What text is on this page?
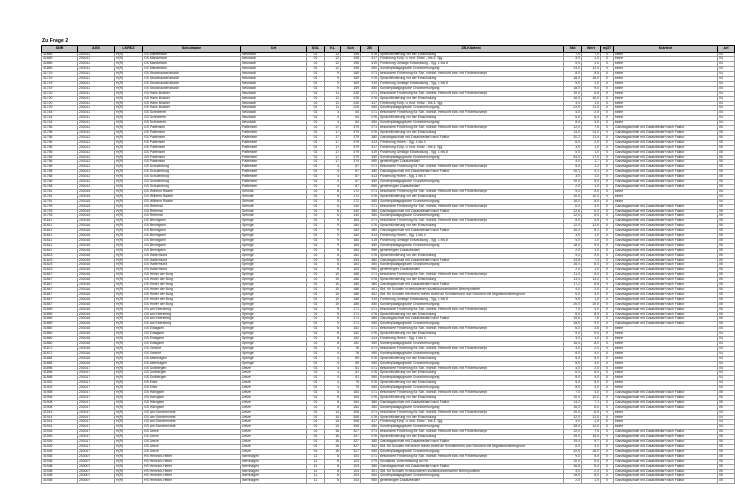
Zu Frage 2
SNR	AGS	LKRKZ	Schulname	Ort	SGL	KL	Sch	ZB	ZB-Klartext	Std	Wert	mj3T	Klartext	Art
31689	253011	H(R)	GS Mandelsloh	Neustadt	01	12	198	076	Sprachförderung vor der Einschulung	7,0	7,0	0	keine	04
31689	253011	H(R)	GS Mandelsloh	Neustadt	01	12	198	417	Förderung Körp. u. mot. Entw. - bis 4. Sjg.	3,0	1,0	0	keine	04
31689	253011	H(R)	GS Mandelsloh	Neustadt	01	12	198	419	Förderung Geistige Entwicklung - Sjg. 1 bis 8	5,0	1,0	0	keine	04
31689	253011	H(R)	GS Mandelsloh	Neustadt	01	12	198	450	Sonderpädagogische Grundversorgung	24,0	12,0	0	keine	04
31719	253011	H(R)	GS Stockhausenstraße	Neustadt	01	9	169	071	besondere Förderung für Sch. nichtdt. Herkunft bzw. mit Förderkonzept	8,0	5,5	0	keine	04
31719	253011	H(R)	GS Stockhausenstraße	Neustadt	01	9	169	076	Sprachförderung vor der Einschulung	18,0	18,0	0	keine	04
31719	253011	H(R)	GS Stockhausenstraße	Neustadt	01	9	169	419	Förderung Geistige Entwicklung - Sjg. 1 bis 8	5,0	1,0	0	keine	04
31719	253011	H(R)	GS Stockhausenstraße	Neustadt	01	9	169	450	Sonderpädagogische Grundversorgung	18,0	9,0	0	keine	04
31720	253011	H(R)	GS Hans Böckler	Neustadt	01	11	226	071	besondere Förderung für Sch. nichtdt. Herkunft bzw. mit Förderkonzept	10,0	6,5	0	keine	04
31720	253011	H(R)	GS Hans Böckler	Neustadt	01	11	226	076	Sprachförderung vor der Einschulung	16,0	16,0	0	keine	04
31720	253011	H(R)	GS Hans Böckler	Neustadt	01	11	226	417	Förderung Körp. u. mot. Entw. - bis 4. Sjg.	3,0	1,0	0	keine	04
31720	253011	H(R)	GS Hans Böckler	Neustadt	01	11	226	450	Sonderpädagogische Grundversorgung	22,0	11,0	0	keine	04
31744	253011	H(R)	GS Schneeren	Neustadt	01	4	64	071	besondere Förderung für Sch. nichtdt. Herkunft bzw. mit Förderkonzept	4,0	2,0	0	keine	04
31744	253011	H(R)	GS Schneeren	Neustadt	01	4	64	076	Sprachförderung vor der Einschulung	6,0	6,0	0	keine	04
31744	253011	H(R)	GS Schneeren	Neustadt	01	4	64	450	Sonderpädagogische Grundversorgung	8,0	4,0	0	keine	04
31756	253012	H(R)	GS Pattensen	Pattensen	01	17	379	071	besondere Förderung für Sch. nichtdt. Herkunft bzw. mit Förderkonzept	12,0	7,5	0	Ganztagsschule mit Zusatzbedarf nach Faktor	05
31756	253012	H(R)	GS Pattensen	Pattensen	01	17	379	076	Sprachförderung vor der Einschulung	14,0	14,0	0	Ganztagsschule mit Zusatzbedarf nach Faktor	05
31756	253012	H(R)	GS Pattensen	Pattensen	01	17	379	380	Ganztagsschule mit Zusatzbedarf nach Faktor	20,2	11,4	0	Ganztagsschule mit Zusatzbedarf nach Faktor	05
31756	253012	H(R)	GS Pattensen	Pattensen	01	17	379	413	Förderung Hören - Sjg. 1 bis 4	6,0	2,0	0	Ganztagsschule mit Zusatzbedarf nach Faktor	05
31756	253012	H(R)	GS Pattensen	Pattensen	01	17	379	417	Förderung Körp. u. mot. Entw. - bis 4. Sjg.	3,0	1,0	0	Ganztagsschule mit Zusatzbedarf nach Faktor	05
31756	253012	H(R)	GS Pattensen	Pattensen	01	17	379	419	Förderung Geistige Entwicklung - Sjg. 1 bis 8	5,0	1,0	0	Ganztagsschule mit Zusatzbedarf nach Faktor	05
31756	253012	H(R)	GS Pattensen	Pattensen	01	17	379	450	Sonderpädagogische Grundversorgung	34,0	17,0	0	Ganztagsschule mit Zusatzbedarf nach Faktor	05
31756	253012	H(R)	GS Pattensen	Pattensen	01	17	379	950	genehmigter Zusatzbedarf	4,0	1,7	0	Ganztagsschule mit Zusatzbedarf nach Faktor	05
31768	253012	H(R)	GS Schulenburg	Pattensen	01	4	87	071	besondere Förderung für Sch. nichtdt. Herkunft bzw. mit Förderkonzept	5,0	1,2	0	Ganztagsschule mit Zusatzbedarf nach Faktor	05
31768	253012	H(R)	GS Schulenburg	Pattensen	01	4	87	380	Ganztagsschule mit Zusatzbedarf nach Faktor	10,1	4,1	0	Ganztagsschule mit Zusatzbedarf nach Faktor	05
31768	253012	H(R)	GS Schulenburg	Pattensen	01	4	87	413	Förderung Hören - Sjg. 1 bis 4	3,0	1,0	0	Ganztagsschule mit Zusatzbedarf nach Faktor	05
31768	253012	H(R)	GS Schulenburg	Pattensen	01	4	87	450	Sonderpädagogische Grundversorgung	10,0	5,0	0	Ganztagsschule mit Zusatzbedarf nach Faktor	05
31768	253012	H(R)	GS Schulenburg	Pattensen	01	4	87	950	genehmigter Zusatzbedarf	2,0	1,0	0	Ganztagsschule mit Zusatzbedarf nach Faktor	05
31781	253015	H(R)	GS Wilhelm Raabe	Sehnde	01	8	172	071	besondere Förderung für Sch. nichtdt. Herkunft bzw. mit Förderkonzept	9,0	5,0	0	keine	04
31781	253015	H(R)	GS Wilhelm Raabe	Sehnde	01	8	172	076	Sprachförderung vor der Einschulung	10,0	10,0	0	keine	04
31781	253015	H(R)	GS Wilhelm Raabe	Sehnde	01	8	172	450	Sonderpädagogische Grundversorgung	16,0	8,0	0	keine	04
31793	253015	H(R)	GS Rethmar	Sehnde	01	6	140	071	besondere Förderung für Sch. nichtdt. Herkunft bzw. mit Förderkonzept	6,0	3,0	0	Ganztagsschule mit Zusatzbedarf nach Faktor	05
31793	253015	H(R)	GS Rethmar	Sehnde	01	6	140	380	Ganztagsschule mit Zusatzbedarf nach Faktor	12,6	6,3	0	Ganztagsschule mit Zusatzbedarf nach Faktor	05
31793	253015	H(R)	GS Rethmar	Sehnde	01	6	140	450	Sonderpädagogische Grundversorgung	12,0	6,0	0	Ganztagsschule mit Zusatzbedarf nach Faktor	05
31811	253016	H(R)	GS Bennigsen	Springe	01	9	184	071	besondere Förderung für Sch. nichtdt. Herkunft bzw. mit Förderkonzept	8,0	4,5	0	Ganztagsschule mit Zusatzbedarf nach Faktor	05
31811	253016	H(R)	GS Bennigsen	Springe	01	9	184	076	Sprachförderung vor der Einschulung	12,0	12,0	0	Ganztagsschule mit Zusatzbedarf nach Faktor	05
31811	253016	H(R)	GS Bennigsen	Springe	01	9	184	380	Ganztagsschule mit Zusatzbedarf nach Faktor	16,4	8,2	0	Ganztagsschule mit Zusatzbedarf nach Faktor	05
31811	253016	H(R)	GS Bennigsen	Springe	01	9	184	413	Förderung Hören - Sjg. 1 bis 4	3,0	1,0	0	Ganztagsschule mit Zusatzbedarf nach Faktor	05
31811	253016	H(R)	GS Bennigsen	Springe	01	9	184	419	Förderung Geistige Entwicklung - Sjg. 1 bis 8	5,0	1,0	0	Ganztagsschule mit Zusatzbedarf nach Faktor	05
31811	253016	H(R)	GS Bennigsen	Springe	01	9	184	450	Sonderpädagogische Grundversorgung	18,0	9,0	0	Ganztagsschule mit Zusatzbedarf nach Faktor	05
31811	253016	H(R)	GS Bennigsen	Springe	01	9	184	950	genehmigter Zusatzbedarf	2,0	1,0	0	Ganztagsschule mit Zusatzbedarf nach Faktor	05
31823	253016	H(R)	GS Hallermund	Springe	01	8	163	076	Sprachförderung vor der Einschulung	9,0	9,0	0	Ganztagsschule mit Zusatzbedarf nach Faktor	05
31823	253016	H(R)	GS Hallermund	Springe	01	8	163	380	Ganztagsschule mit Zusatzbedarf nach Faktor	14,8	7,4	0	Ganztagsschule mit Zusatzbedarf nach Faktor	05
31823	253016	H(R)	GS Hallermund	Springe	01	8	163	450	Sonderpädagogische Grundversorgung	16,0	8,0	0	Ganztagsschule mit Zusatzbedarf nach Faktor	05
31823	253016	H(R)	GS Hallermund	Springe	01	8	163	950	genehmigter Zusatzbedarf	2,0	1,0	0	Ganztagsschule mit Zusatzbedarf nach Faktor	05
31847	253016	H(R)	GS Hinter der Burg	Springe	01	10	186	071	besondere Förderung für Sch. nichtdt. Herkunft bzw. mit Förderkonzept	11,0	6,0	0	Ganztagsschule mit Zusatzbedarf nach Faktor	05
31847	253016	H(R)	GS Hinter der Burg	Springe	01	10	186	076	Sprachförderung vor der Einschulung	13,0	13,0	0	Ganztagsschule mit Zusatzbedarf nach Faktor	05
31847	253016	H(R)	GS Hinter der Burg	Springe	01	10	186	380	Ganztagsschule mit Zusatzbedarf nach Faktor	17,2	8,6	0	Ganztagsschule mit Zusatzbedarf nach Faktor	05
31847	253016	H(R)	GS Hinter der Burg	Springe	01	10	186	401	Std. für Schulen in besonderen sozialökonomischen Brennpunkten	4,0	2,0	0	Ganztagsschule mit Zusatzbedarf nach Faktor	05
31847	253016	H(R)	GS Hinter der Burg	Springe	01	10	186	402	Std. für Schulen mit einem hohen Anteil an Schülerinnen und Schülern mit Migrationshintergrund	6,0	3,0	0	Ganztagsschule mit Zusatzbedarf nach Faktor	05
31847	253016	H(R)	GS Hinter der Burg	Springe	01	10	186	419	Förderung Geistige Entwicklung - Sjg. 1 bis 8	5,0	1,0	0	Ganztagsschule mit Zusatzbedarf nach Faktor	05
31847	253016	H(R)	GS Hinter der Burg	Springe	01	10	186	450	Sonderpädagogische Grundversorgung	20,0	10,0	0	Ganztagsschule mit Zusatzbedarf nach Faktor	05
31859	253016	H(R)	GS am Ebersberg	Springe	01	9	171	071	besondere Förderung für Sch. nichtdt. Herkunft bzw. mit Förderkonzept	7,0	4,0	0	Ganztagsschule mit Zusatzbedarf nach Faktor	05
31859	253016	H(R)	GS am Ebersberg	Springe	01	9	171	076	Sprachförderung vor der Einschulung	8,0	8,0	0	Ganztagsschule mit Zusatzbedarf nach Faktor	05
31859	253016	H(R)	GS am Ebersberg	Springe	01	9	171	380	Ganztagsschule mit Zusatzbedarf nach Faktor	15,6	7,8	0	Ganztagsschule mit Zusatzbedarf nach Faktor	05
31859	253016	H(R)	GS am Ebersberg	Springe	01	9	171	450	Sonderpädagogische Grundversorgung	18,0	9,0	0	Ganztagsschule mit Zusatzbedarf nach Faktor	05
31860	253016	H(R)	GS Eldagsen	Springe	01	8	152	071	besondere Förderung für Sch. nichtdt. Herkunft bzw. mit Förderkonzept	6,0	3,5	0	keine	04
31860	253016	H(R)	GS Eldagsen	Springe	01	8	152	076	Sprachförderung vor der Einschulung	9,0	9,0	0	keine	04
31860	253016	H(R)	GS Eldagsen	Springe	01	8	152	413	Förderung Hören - Sjg. 1 bis 4	3,0	1,0	0	keine	04
31860	253016	H(R)	GS Eldagsen	Springe	01	8	152	450	Sonderpädagogische Grundversorgung	16,0	8,0	0	keine	04
31872	253016	H(R)	GS Gestorf	Springe	01	4	78	071	besondere Förderung für Sch. nichtdt. Herkunft bzw. mit Förderkonzept	4,0	2,0	0	keine	04
31872	253016	H(R)	GS Gestorf	Springe	01	4	78	450	Sonderpädagogische Grundversorgung	8,0	4,0	0	keine	04
31884	253016	H(R)	GS Altenhagen	Springe	01	4	69	076	Sprachförderung vor der Einschulung	5,0	5,0	0	keine	04
31884	253016	H(R)	GS Altenhagen	Springe	01	4	69	450	Sonderpädagogische Grundversorgung	8,0	4,0	0	keine	04
31896	253017	H(R)	GS Dollbergen	Uetze	01	4	81	071	besondere Förderung für Sch. nichtdt. Herkunft bzw. mit Förderkonzept	4,0	2,0	0	keine	04
31896	253017	H(R)	GS Dollbergen	Uetze	01	4	81	076	Sprachförderung vor der Einschulung	6,0	6,0	0	keine	04
31896	253017	H(R)	GS Dollbergen	Uetze	01	4	81	450	Sonderpädagogische Grundversorgung	8,0	4,0	0	keine	04
31902	253017	H(R)	GS Eltze	Uetze	01	4	75	076	Sprachförderung vor der Einschulung	5,0	5,0	0	keine	04
31902	253017	H(R)	GS Eltze	Uetze	01	4	75	450	Sonderpädagogische Grundversorgung	8,0	4,0	0	keine	04
31908	253017	H(R)	GS Hänigsen	Uetze	01	8	164	071	besondere Förderung für Sch. nichtdt. Herkunft bzw. mit Förderkonzept	7,0	4,0	0	Ganztagsschule mit Zusatzbedarf nach Faktor	05
31908	253017	H(R)	GS Hänigsen	Uetze	01	8	164	076	Sprachförderung vor der Einschulung	10,0	10,0	0	Ganztagsschule mit Zusatzbedarf nach Faktor	05
31908	253017	H(R)	GS Hänigsen	Uetze	01	8	164	380	Ganztagsschule mit Zusatzbedarf nach Faktor	14,2	7,1	0	Ganztagsschule mit Zusatzbedarf nach Faktor	05
31908	253017	H(R)	GS Hänigsen	Uetze	01	8	164	450	Sonderpädagogische Grundversorgung	16,0	8,0	0	Ganztagsschule mit Zusatzbedarf nach Faktor	05
31914	253017	H(R)	GS am Storchennest	Uetze	01	14	308	071	besondere Förderung für Sch. nichtdt. Herkunft bzw. mit Förderkonzept	10,0	6,0	0	keine	04
31914	253017	H(R)	GS am Storchennest	Uetze	01	14	308	076	Sprachförderung vor der Einschulung	12,0	12,0	0	keine	04
31914	253017	H(R)	GS am Storchennest	Uetze	01	14	308	417	Förderung Körp. u. mot. Entw. - bis 4. Sjg.	3,0	1,0	0	keine	04
31914	253017	H(R)	GS am Storchennest	Uetze	01	14	308	450	Sonderpädagogische Grundversorgung	28,0	14,0	0	keine	04
31926	253017	H(R)	GS Uetze	Uetze	01	16	327	071	besondere Förderung für Sch. nichtdt. Herkunft bzw. mit Förderkonzept	12,0	7,0	0	Ganztagsschule mit Zusatzbedarf nach Faktor	05
31926	253017	H(R)	GS Uetze	Uetze	01	16	327	076	Sprachförderung vor der Einschulung	15,0	15,0	0	Ganztagsschule mit Zusatzbedarf nach Faktor	05
31926	253017	H(R)	GS Uetze	Uetze	01	16	327	380	Ganztagsschule mit Zusatzbedarf nach Faktor	19,4	9,7	0	Ganztagsschule mit Zusatzbedarf nach Faktor	05
31926	253017	H(R)	GS Uetze	Uetze	01	16	327	402	Std. für Schulen mit einem hohen Anteil an Schülerinnen und Schülern mit Migrationshintergrund	6,0	3,0	0	Ganztagsschule mit Zusatzbedarf nach Faktor	05
31926	253017	H(R)	GS Uetze	Uetze	01	16	327	450	Sonderpädagogische Grundversorgung	32,0	16,0	0	Ganztagsschule mit Zusatzbedarf nach Faktor	05
31938	253007	H(R)	HS Heinrich-Heller	Isernhagen	11	8	103	071	besondere Förderung für Sch. nichtdt. Herkunft bzw. mit Förderkonzept	9,0	5,0	0	Ganztagsschule mit Zusatzbedarf nach Faktor	05
31938	253007	H(R)	HS Heinrich-Heller	Isernhagen	11	8	103	079	Sozialpäd. Unterstützung an HS	10,0	5,0	0	Ganztagsschule mit Zusatzbedarf nach Faktor	05
31938	253007	H(R)	HS Heinrich-Heller	Isernhagen	11	8	103	380	Ganztagsschule mit Zusatzbedarf nach Faktor	16,8	8,4	0	Ganztagsschule mit Zusatzbedarf nach Faktor	05
31938	253007	H(R)	HS Heinrich-Heller	Isernhagen	11	8	103	401	Std. für Schulen in besonderen sozialökonomischen Brennpunkten	4,0	2,0	0	Ganztagsschule mit Zusatzbedarf nach Faktor	05
31938	253007	H(R)	HS Heinrich-Heller	Isernhagen	11	8	103	450	Sonderpädagogische Grundversorgung	16,0	8,0	0	Ganztagsschule mit Zusatzbedarf nach Faktor	05
31938	253007	H(R)	HS Heinrich-Heller	Isernhagen	11	8	103	950	genehmigter Zusatzbedarf	2,0	1,0	0	Ganztagsschule mit Zusatzbedarf nach Faktor	05
